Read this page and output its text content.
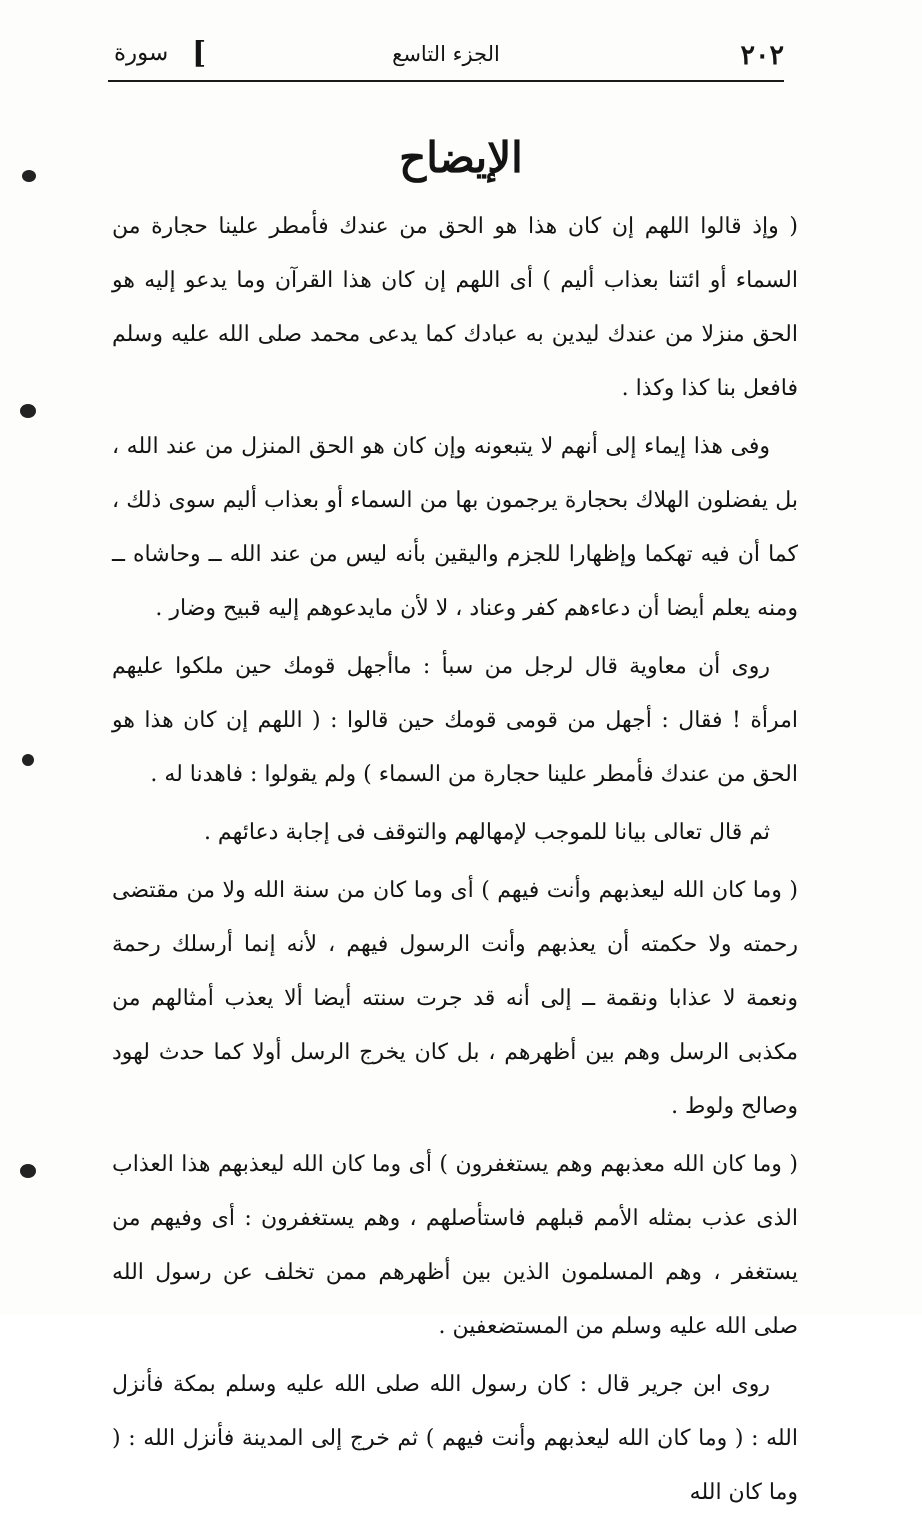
٢٠٢
الجزء التاسع
[
سورة
الإيضاح

( وإذ قالوا اللهم إن كان هذا هو الحق من عندك فأمطر علينا حجارة من السماء أو ائتنا بعذاب أليم ) أى اللهم إن كان هذا القرآن وما يدعو إليه هو الحق منزلا من عندك ليدين به عبادك كما يدعى محمد صلى الله عليه وسلم فافعل بنا كذا وكذا .

وفى هذا إيماء إلى أنهم لا يتبعونه وإن كان هو الحق المنزل من عند الله ، بل يفضلون الهلاك بحجارة يرجمون بها من السماء أو بعذاب أليم سوى ذلك ، كما أن فيه تهكما وإظهارا للجزم واليقين بأنه ليس من عند الله ــ وحاشاه ــ ومنه يعلم أيضا أن دعاءهم كفر وعناد ، لا لأن مايدعوهم إليه قبيح وضار .

روى أن معاوية قال لرجل من سبأ : ماأجهل قومك حين ملكوا عليهم امرأة ! فقال : أجهل من قومى قومك حين قالوا : ( اللهم إن كان هذا هو الحق من عندك فأمطر علينا حجارة من السماء ) ولم يقولوا : فاهدنا له .

ثم قال تعالى بيانا للموجب لإمهالهم والتوقف فى إجابة دعائهم .

( وما كان الله ليعذبهم وأنت فيهم ) أى وما كان من سنة الله ولا من مقتضى رحمته ولا حكمته أن يعذبهم وأنت الرسول فيهم ، لأنه إنما أرسلك رحمة ونعمة لا عذابا ونقمة ــ إلى أنه قد جرت سنته أيضا ألا يعذب أمثالهم من مكذبى الرسل وهم بين أظهرهم ، بل كان يخرج الرسل أولا كما حدث لهود وصالح ولوط .

( وما كان الله معذبهم وهم يستغفرون ) أى وما كان الله ليعذبهم هذا العذاب الذى عذب بمثله الأمم قبلهم فاستأصلهم ، وهم يستغفرون : أى وفيهم من يستغفر ، وهم المسلمون الذين بين أظهرهم ممن تخلف عن رسول الله صلى الله عليه وسلم من المستضعفين .

روى ابن جرير قال : كان رسول الله صلى الله عليه وسلم بمكة فأنزل الله : ( وما كان الله ليعذبهم وأنت فيهم ) ثم خرج إلى المدينة فأنزل الله : ( وما كان الله
